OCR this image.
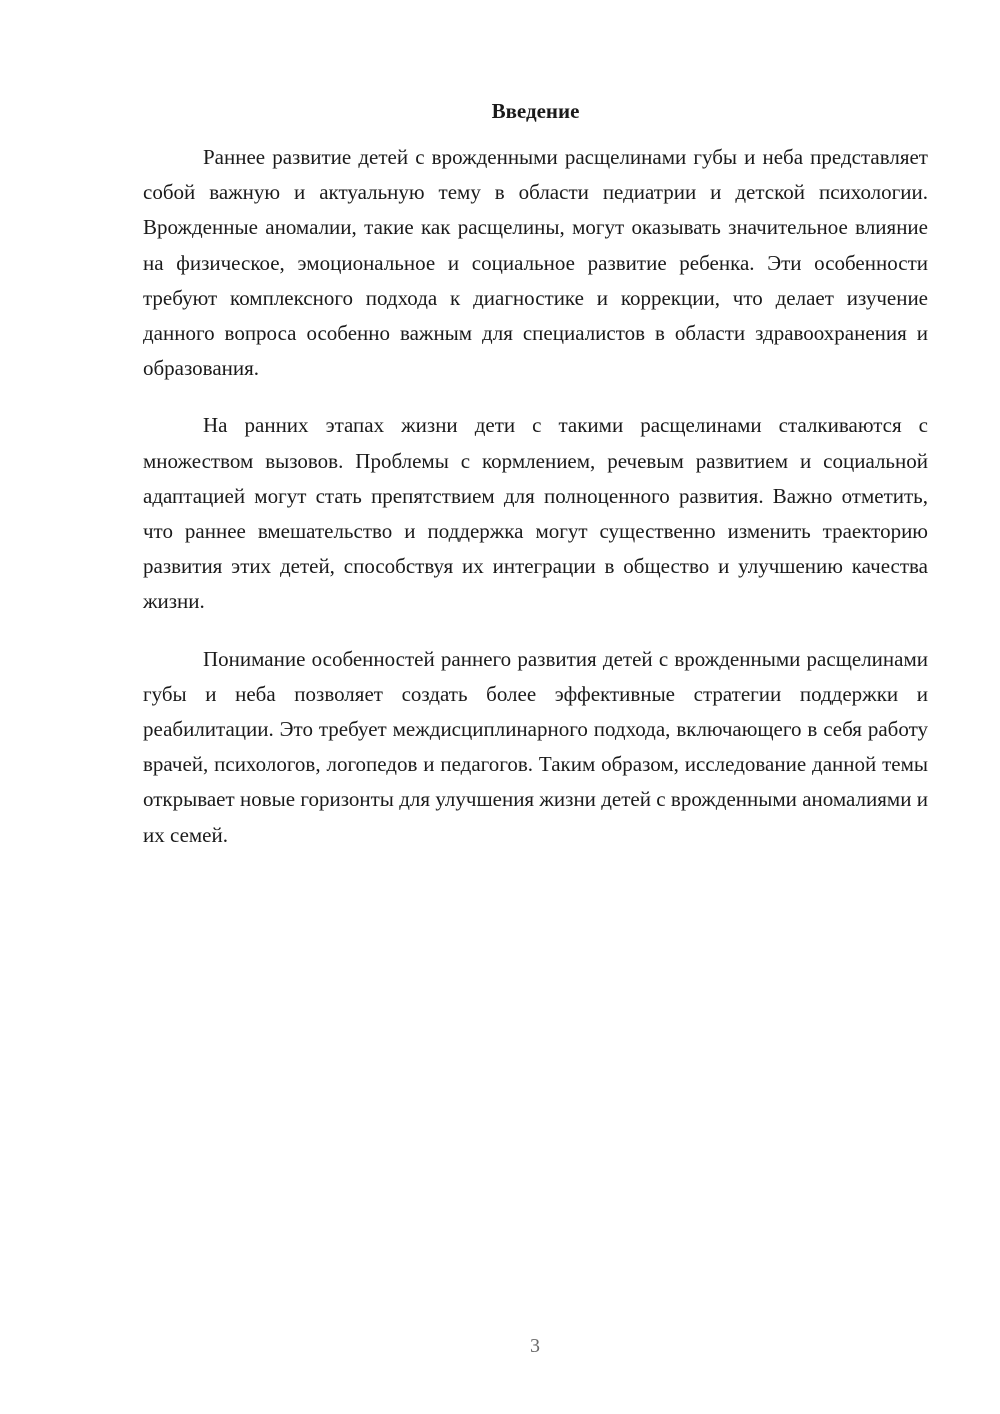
Введение

Раннее развитие детей с врожденными расщелинами губы и неба представляет собой важную и актуальную тему в области педиатрии и детской психологии. Врожденные аномалии, такие как расщелины, могут оказывать значительное влияние на физическое, эмоциональное и социальное развитие ребенка. Эти особенности требуют комплексного подхода к диагностике и коррекции, что делает изучение данного вопроса особенно важным для специалистов в области здравоохранения и образования.

На ранних этапах жизни дети с такими расщелинами сталкиваются с множеством вызовов. Проблемы с кормлением, речевым развитием и социальной адаптацией могут стать препятствием для полноценного развития. Важно отметить, что раннее вмешательство и поддержка могут существенно изменить траекторию развития этих детей, способствуя их интеграции в общество и улучшению качества жизни.

Понимание особенностей раннего развития детей с врожденными расщелинами губы и неба позволяет создать более эффективные стратегии поддержки и реабилитации. Это требует междисциплинарного подхода, включающего в себя работу врачей, психологов, логопедов и педагогов. Таким образом, исследование данной темы открывает новые горизонты для улучшения жизни детей с врожденными аномалиями и их семей.

3
